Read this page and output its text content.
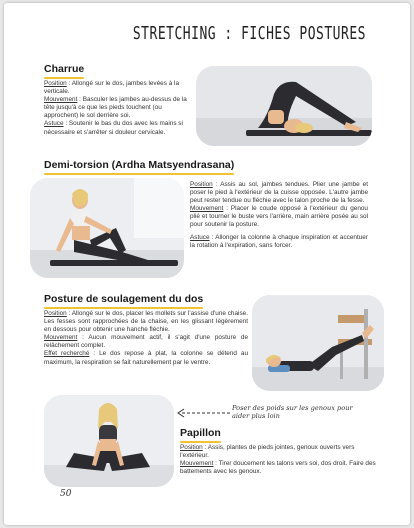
STRETCHING : FICHES POSTURES
Charrue
Position : Allongé sur le dos, jambes levées à la verticale.
Mouvement : Basculer les jambes au-dessus de la tête jusqu'à ce que les pieds touchent (ou approchent) le sol derrière soi.
Astuce : Soutenir le bas du dos avec les mains si nécessaire et s'arrêter si douleur cervicale.
Demi-torsion (Ardha Matsyendrasana)
Position : Assis au sol, jambes tendues. Plier une jambe et poser le pied à l'extérieur de la cuisse opposée. L'autre jambe peut rester tendue ou fléchie avec le talon proche de la fesse.
Mouvement : Placer le coude opposé à l'extérieur du genou plié et tourner le buste vers l'arrière, main arrière posée au sol pour soutenir la posture.

Astuce : Allonger la colonne à chaque inspiration et accentuer la rotation à l'expiration, sans forcer.
Posture de soulagement du dos
Position : Allongé sur le dos, placer les mollets sur l'assise d'une chaise. Les fesses sont rapprochées de la chaise, en les glissant légèrement en dessous pour obtenir une hanche fléchie.
Mouvement : Aucun mouvement actif, il s'agit d'une posture de relâchement complet.
Effet recherché : Le dos repose à plat, la colonne se détend au maximum, la respiration se fait naturellement par le ventre.
Poser des poids sur les genoux pour aider plus loin
Papillon
Position : Assis, plantes de pieds jointes, genoux ouverts vers l'extérieur.
Mouvement : Tirer doucement les talons vers soi, dos droit. Faire des battements avec les genoux.
50
